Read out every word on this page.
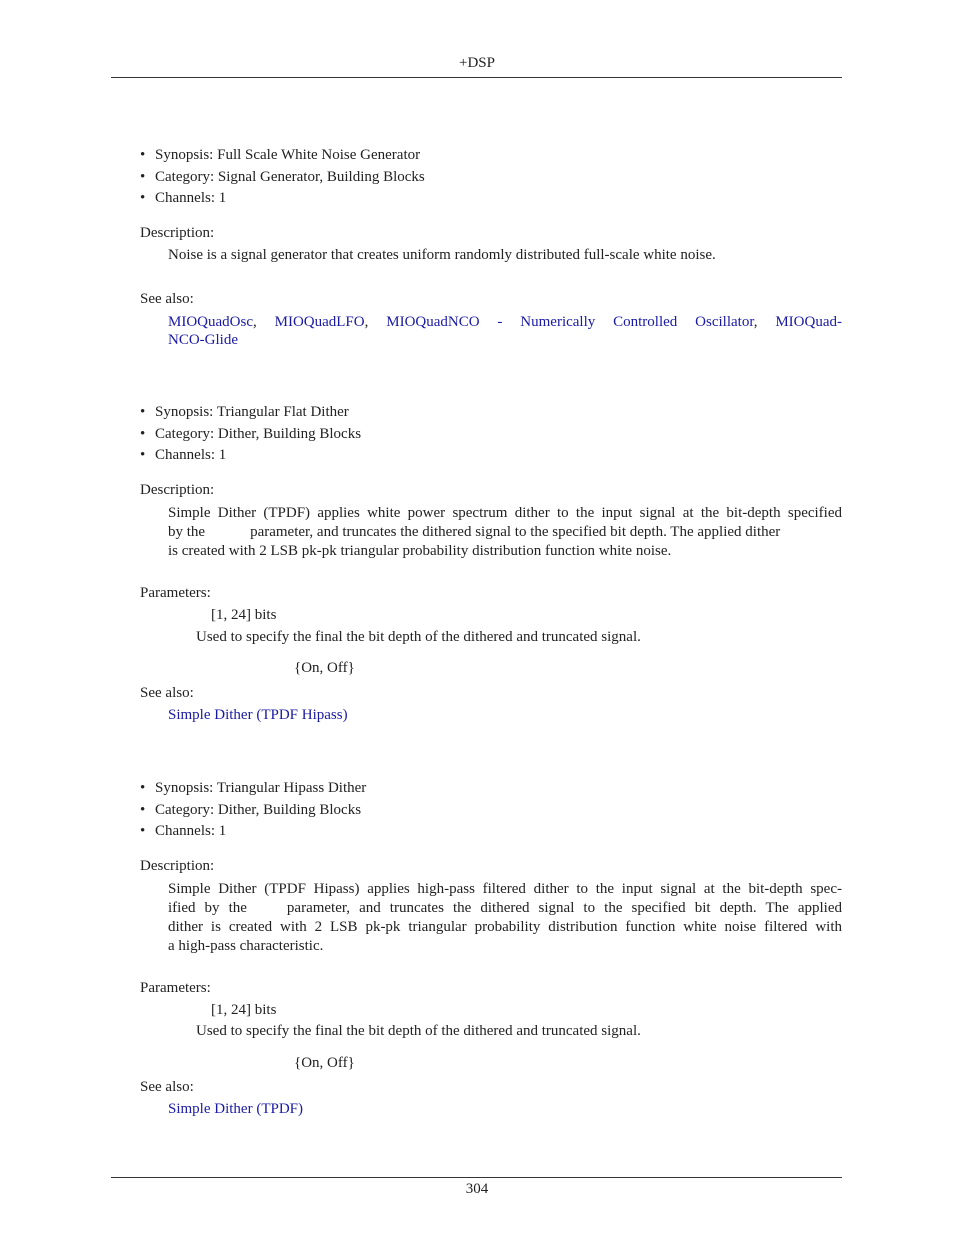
+DSP
• Synopsis: Full Scale White Noise Generator
• Category: Signal Generator, Building Blocks
• Channels: 1
Description:
Noise is a signal generator that creates uniform randomly distributed full-scale white noise.
See also:
MIOQuadOsc, MIOQuadLFO, MIOQuadNCO - Numerically Controlled Oscillator, MIOQuad-
NCO-Glide
• Synopsis: Triangular Flat Dither
• Category: Dither, Building Blocks
• Channels: 1
Description:
Simple Dither (TPDF) applies white power spectrum dither to the input signal at the bit-depth specified
by the	parameter, and truncates the dithered signal to the specified bit depth. The applied dither
is created with 2 LSB pk-pk triangular probability distribution function white noise.
Parameters:
[1, 24] bits
Used to specify the final the bit depth of the dithered and truncated signal.
{On, Off}
See also:
Simple Dither (TPDF Hipass)
• Synopsis: Triangular Hipass Dither
• Category: Dither, Building Blocks
• Channels: 1
Description:
Simple Dither (TPDF Hipass) applies high-pass filtered dither to the input signal at the bit-depth spec-
ified by the	parameter, and truncates the dithered signal to the specified bit depth. The applied
dither is created with 2 LSB pk-pk triangular probability distribution function white noise filtered with
a high-pass characteristic.
Parameters:
[1, 24] bits
Used to specify the final the bit depth of the dithered and truncated signal.
{On, Off}
See also:
Simple Dither (TPDF)
304
